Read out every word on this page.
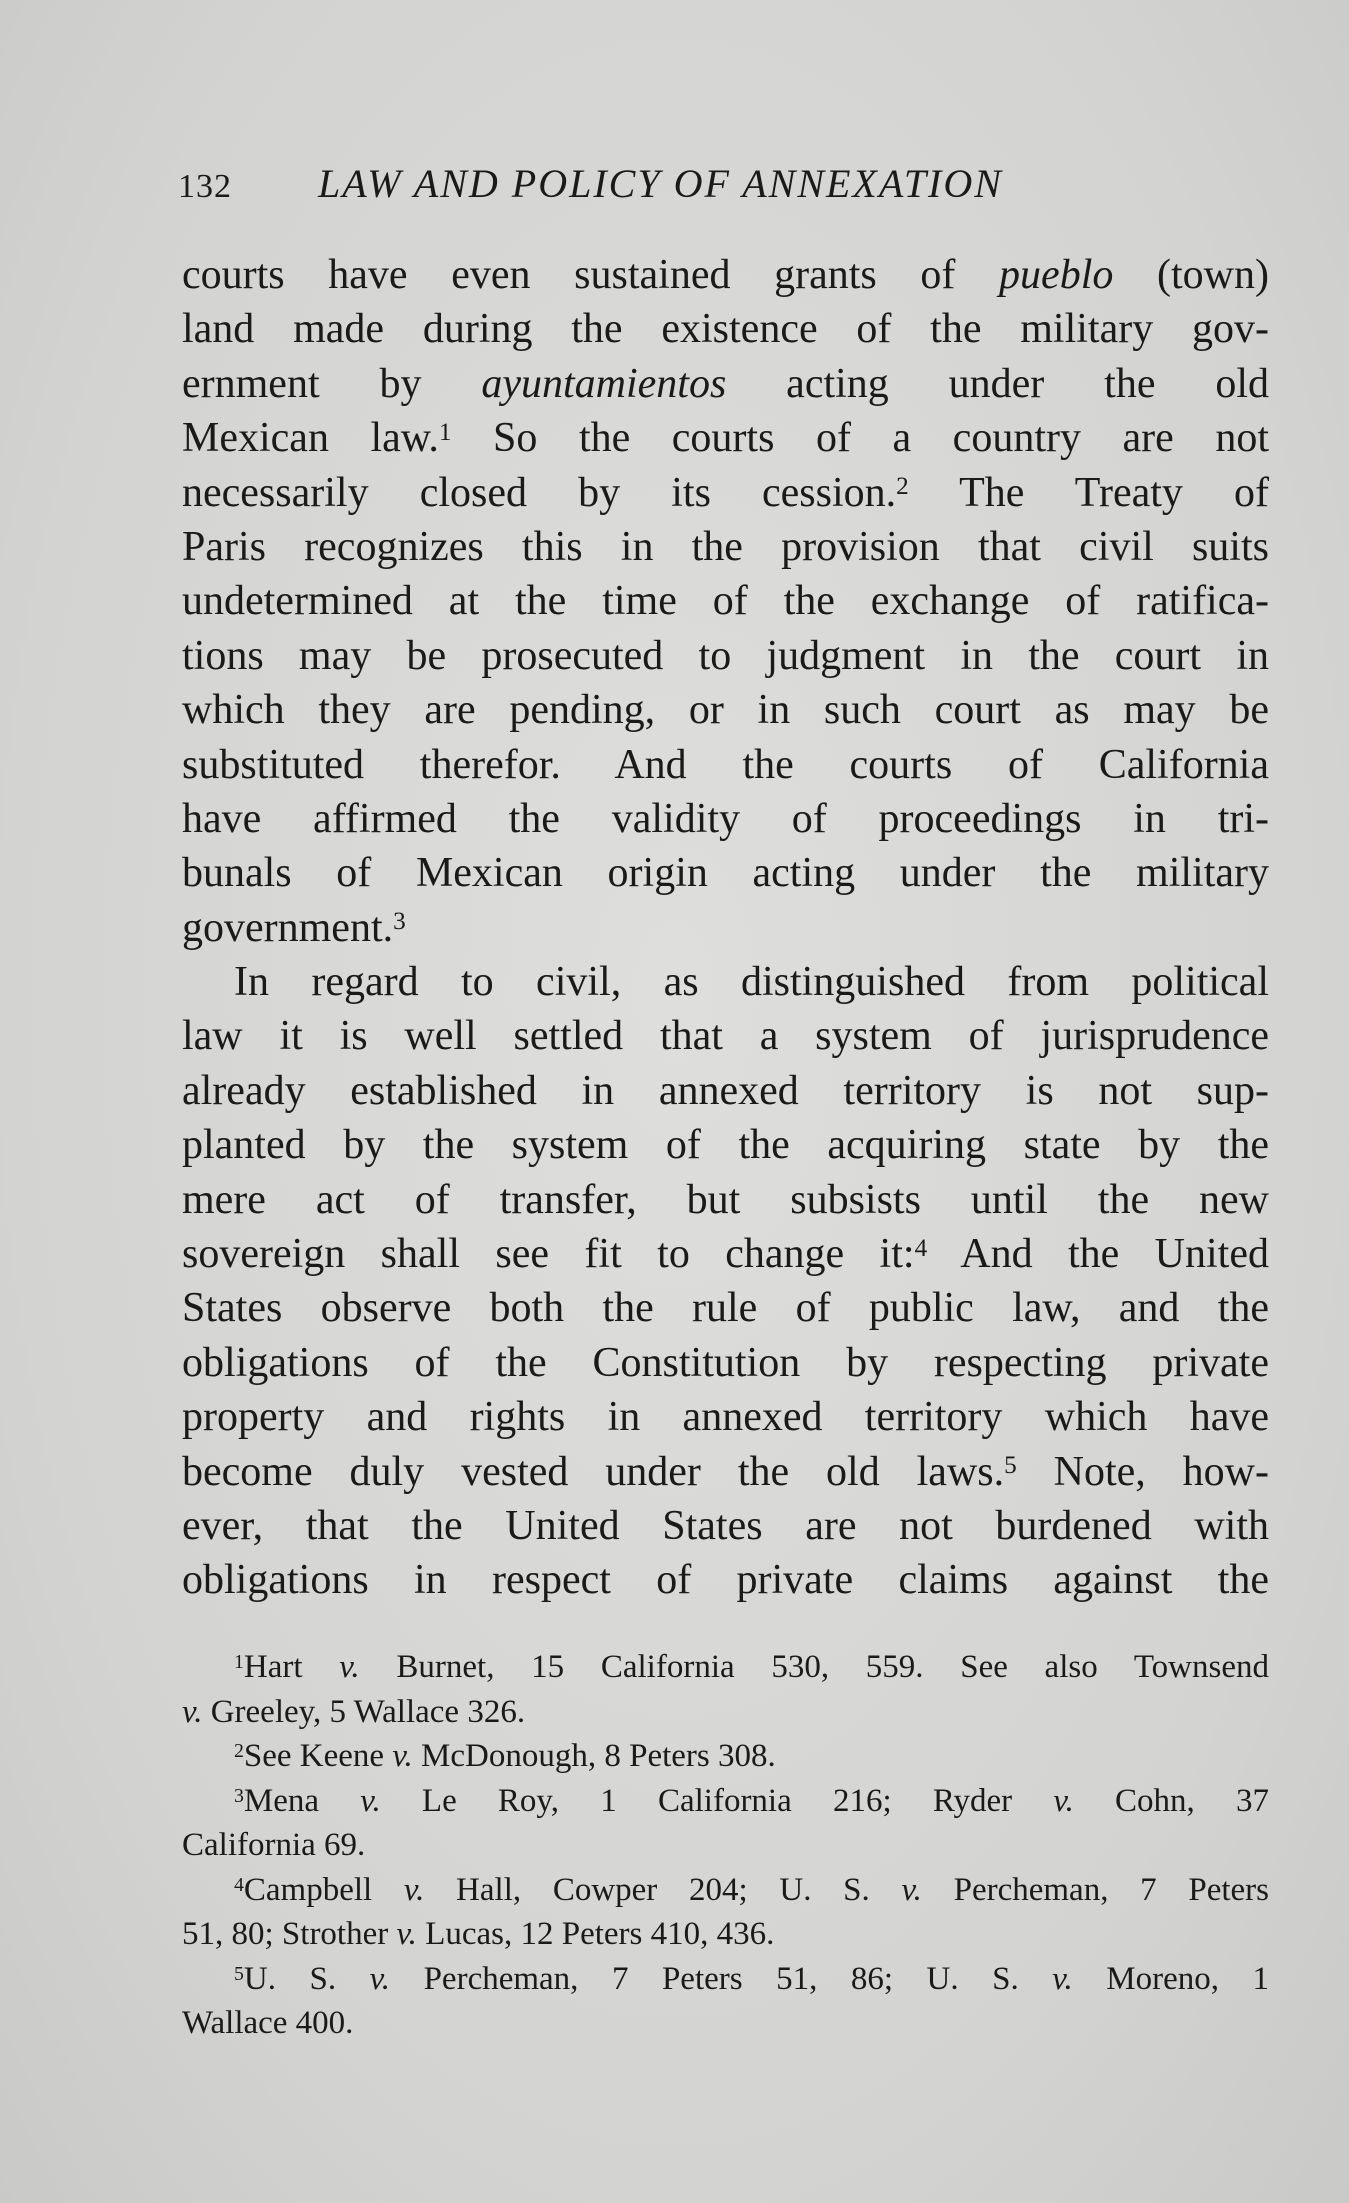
132 LAW AND POLICY OF ANNEXATION
courts have even sustained grants of pueblo (town)
land made during the existence of the military gov-
ernment by ayuntamientos acting under the old
Mexican law.$^1$ So the courts of a country are not
necessarily closed by its cession.$^2$ The Treaty of
Paris recognizes this in the provision that civil suits
undetermined at the time of the exchange of ratifica-
tions may be prosecuted to judgment in the court in
which they are pending, or in such court as may be
substituted therefor. And the courts of California
have affirmed the validity of proceedings in tri-
bunals of Mexican origin acting under the military
government.$^3$
In regard to civil, as distinguished from political
law it is well settled that a system of jurisprudence
already established in annexed territory is not sup-
planted by the system of the acquiring state by the
mere act of transfer, but subsists until the new
sovereign shall see fit to change it:$^4$ And the United
States observe both the rule of public law, and the
obligations of the Constitution by respecting private
property and rights in annexed territory which have
become duly vested under the old laws.$^5$ Note, how-
ever, that the United States are not burdened with
obligations in respect of private claims against the
$^1$Hart v. Burnet, 15 California 530, 559. See also Townsend
v. Greeley, 5 Wallace 326.
$^2$See Keene v. McDonough, 8 Peters 308.
$^3$Mena v. Le Roy, 1 California 216; Ryder v. Cohn, 37
California 69.
$^4$Campbell v. Hall, Cowper 204; U. S. v. Percheman, 7 Peters
51, 80; Strother v. Lucas, 12 Peters 410, 436.
$^5$U. S. v. Percheman, 7 Peters 51, 86; U. S. v. Moreno, 1
Wallace 400.
